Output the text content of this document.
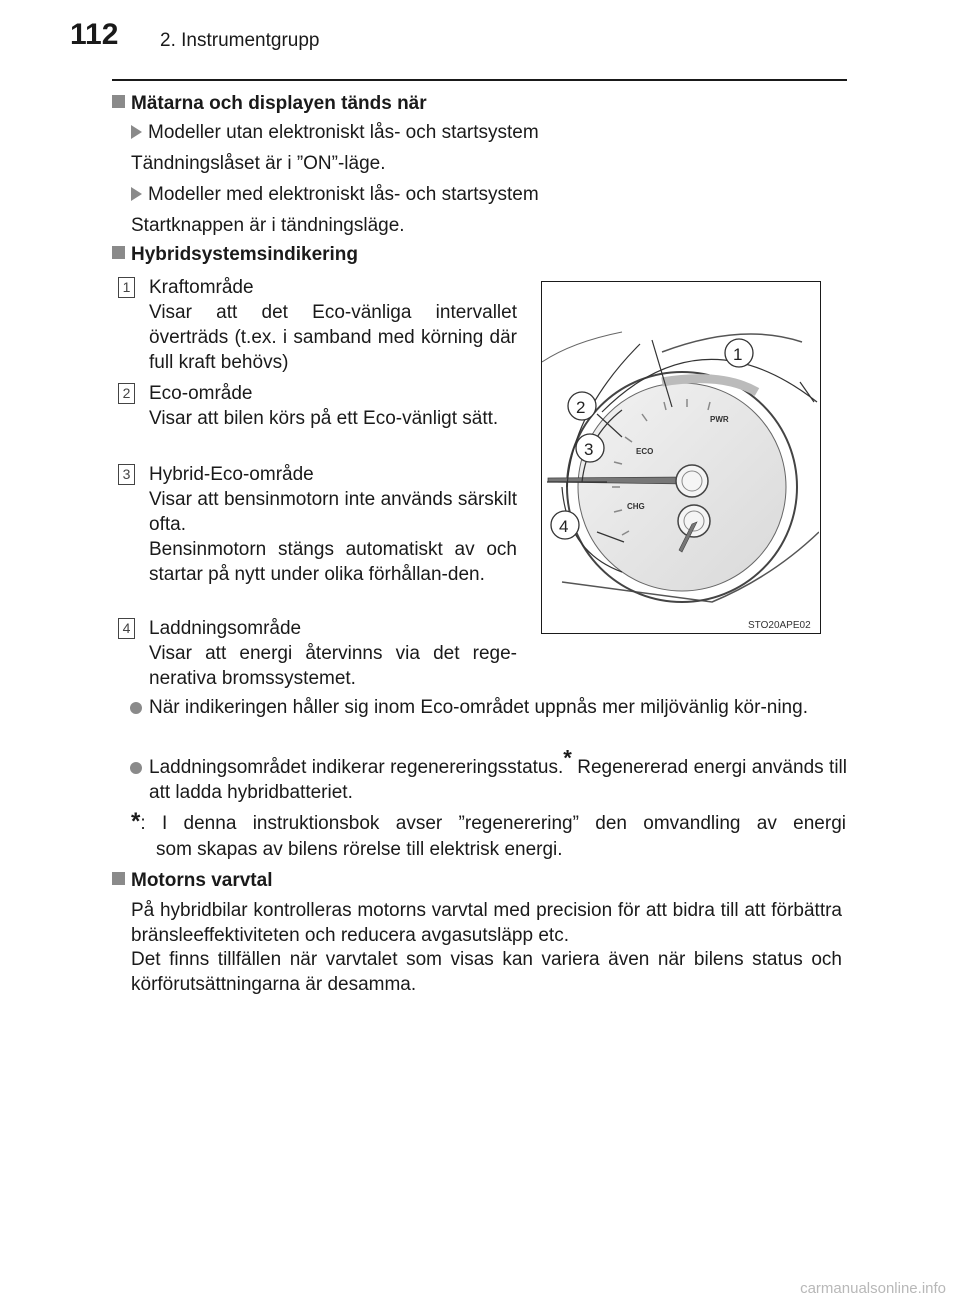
112 2. Instrumentgrupp
Mätarna och displayen tänds när
Modeller utan elektroniskt lås- och startsystem
Tändningslåset är i ”ON”-läge.
Modeller med elektroniskt lås- och startsystem
Startknappen är i tändningsläge.
Hybridsystemsindikering
1 Kraftområde
Visar att det Eco-vänliga intervallet överträds (t.ex. i samband med körning där full kraft behövs)
2 Eco-område
Visar att bilen körs på ett Eco-vänligt sätt.
3 Hybrid-Eco-område
Visar att bensinmotorn inte används särskilt ofta.
Bensinmotorn stängs automatiskt av och startar på nytt under olika förhållan-den.
4 Laddningsområde
Visar att energi återvinns via det rege-nerativa bromssystemet.
PWR
ECO
CHG
1
2
3
4
STO20APE02
När indikeringen håller sig inom Eco-området uppnås mer miljövänlig kör-ning.
Laddningsområdet indikerar regenereringsstatus.* Regenererad energi används till att ladda hybridbatteriet.
*: I denna instruktionsbok avser ”regenerering” den omvandling av energi
som skapas av bilens rörelse till elektrisk energi.
Motorns varvtal
På hybridbilar kontrolleras motorns varvtal med precision för att bidra till att förbättra bränsleeffektiviteten och reducera avgasutsläpp etc.
Det finns tillfällen när varvtalet som visas kan variera även när bilens status och körförutsättningarna är desamma.
carmanualsonline.info
